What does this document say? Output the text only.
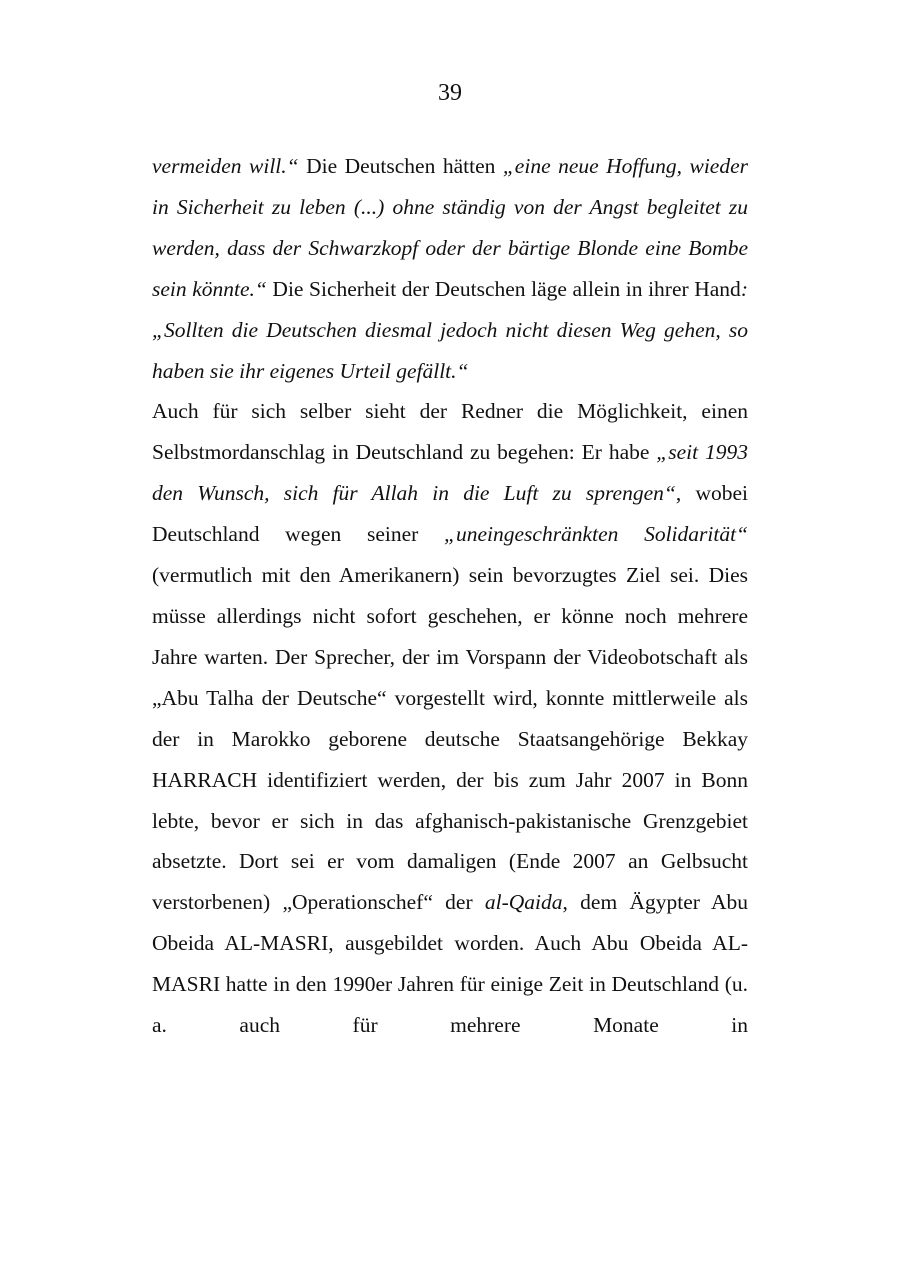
39

vermeiden will.“ Die Deutschen hätten „eine neue Hoffung, wieder in Sicherheit zu leben (...) ohne ständig von der Angst begleitet zu werden, dass der Schwarzkopf oder der bärtige Blonde eine Bombe sein könnte.“ Die Sicherheit der Deutschen läge allein in ihrer Hand: „Sollten die Deutschen diesmal jedoch nicht diesen Weg gehen, so haben sie ihr eigenes Urteil gefällt.“

Auch für sich selber sieht der Redner die Möglichkeit, einen Selbstmordanschlag in Deutschland zu begehen: Er habe „seit 1993 den Wunsch, sich für Allah in die Luft zu sprengen“, wobei Deutschland wegen seiner „uneingeschränkten Solidarität“ (vermutlich mit den Amerikanern) sein bevorzugtes Ziel sei. Dies müsse allerdings nicht sofort geschehen, er könne noch mehrere Jahre warten. Der Sprecher, der im Vorspann der Videobotschaft als „Abu Talha der Deutsche“ vorgestellt wird, konnte mittlerweile als der in Marokko geborene deutsche Staatsangehörige Bekkay HARRACH identifiziert werden, der bis zum Jahr 2007 in Bonn lebte, bevor er sich in das afghanisch-pakistanische Grenzgebiet absetzte. Dort sei er vom damaligen (Ende 2007 an Gelbsucht verstorbenen) „Operationschef“ der al-Qaida, dem Ägypter Abu Obeida AL-MASRI, ausgebildet worden. Auch Abu Obeida AL-MASRI hatte in den 1990er Jahren für einige Zeit in Deutschland (u. a. auch für mehrere Monate in
